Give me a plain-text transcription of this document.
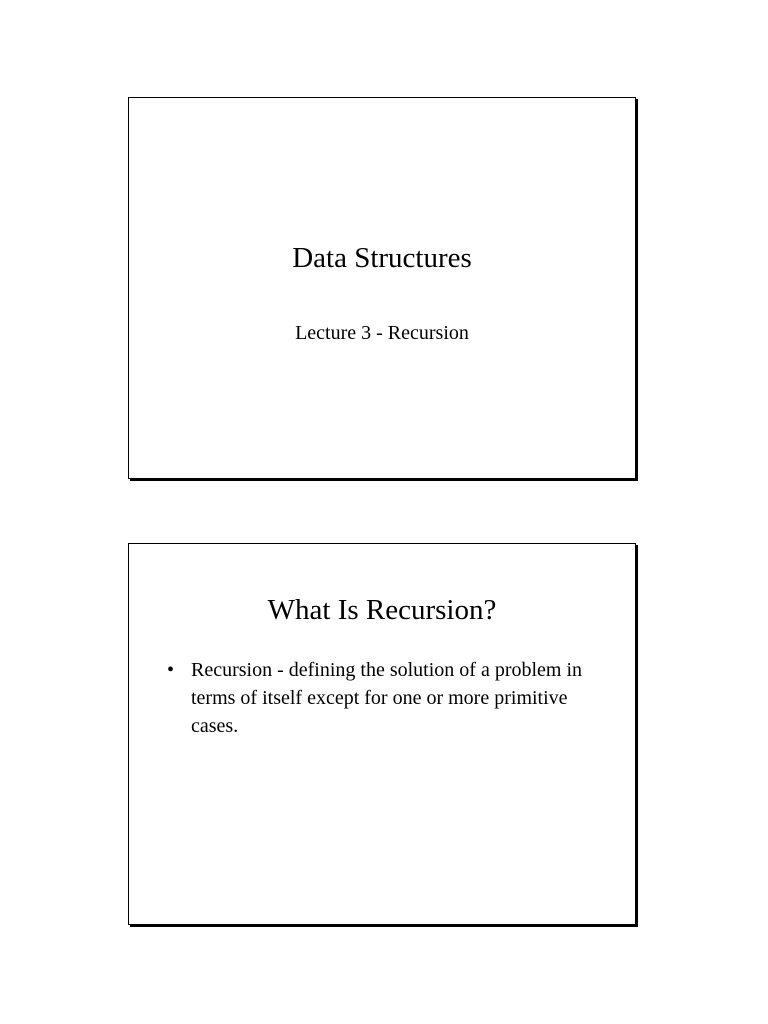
Data Structures
Lecture 3 - Recursion
What Is Recursion?
• Recursion - defining the solution of a problem in terms of itself except for one or more primitive cases.
